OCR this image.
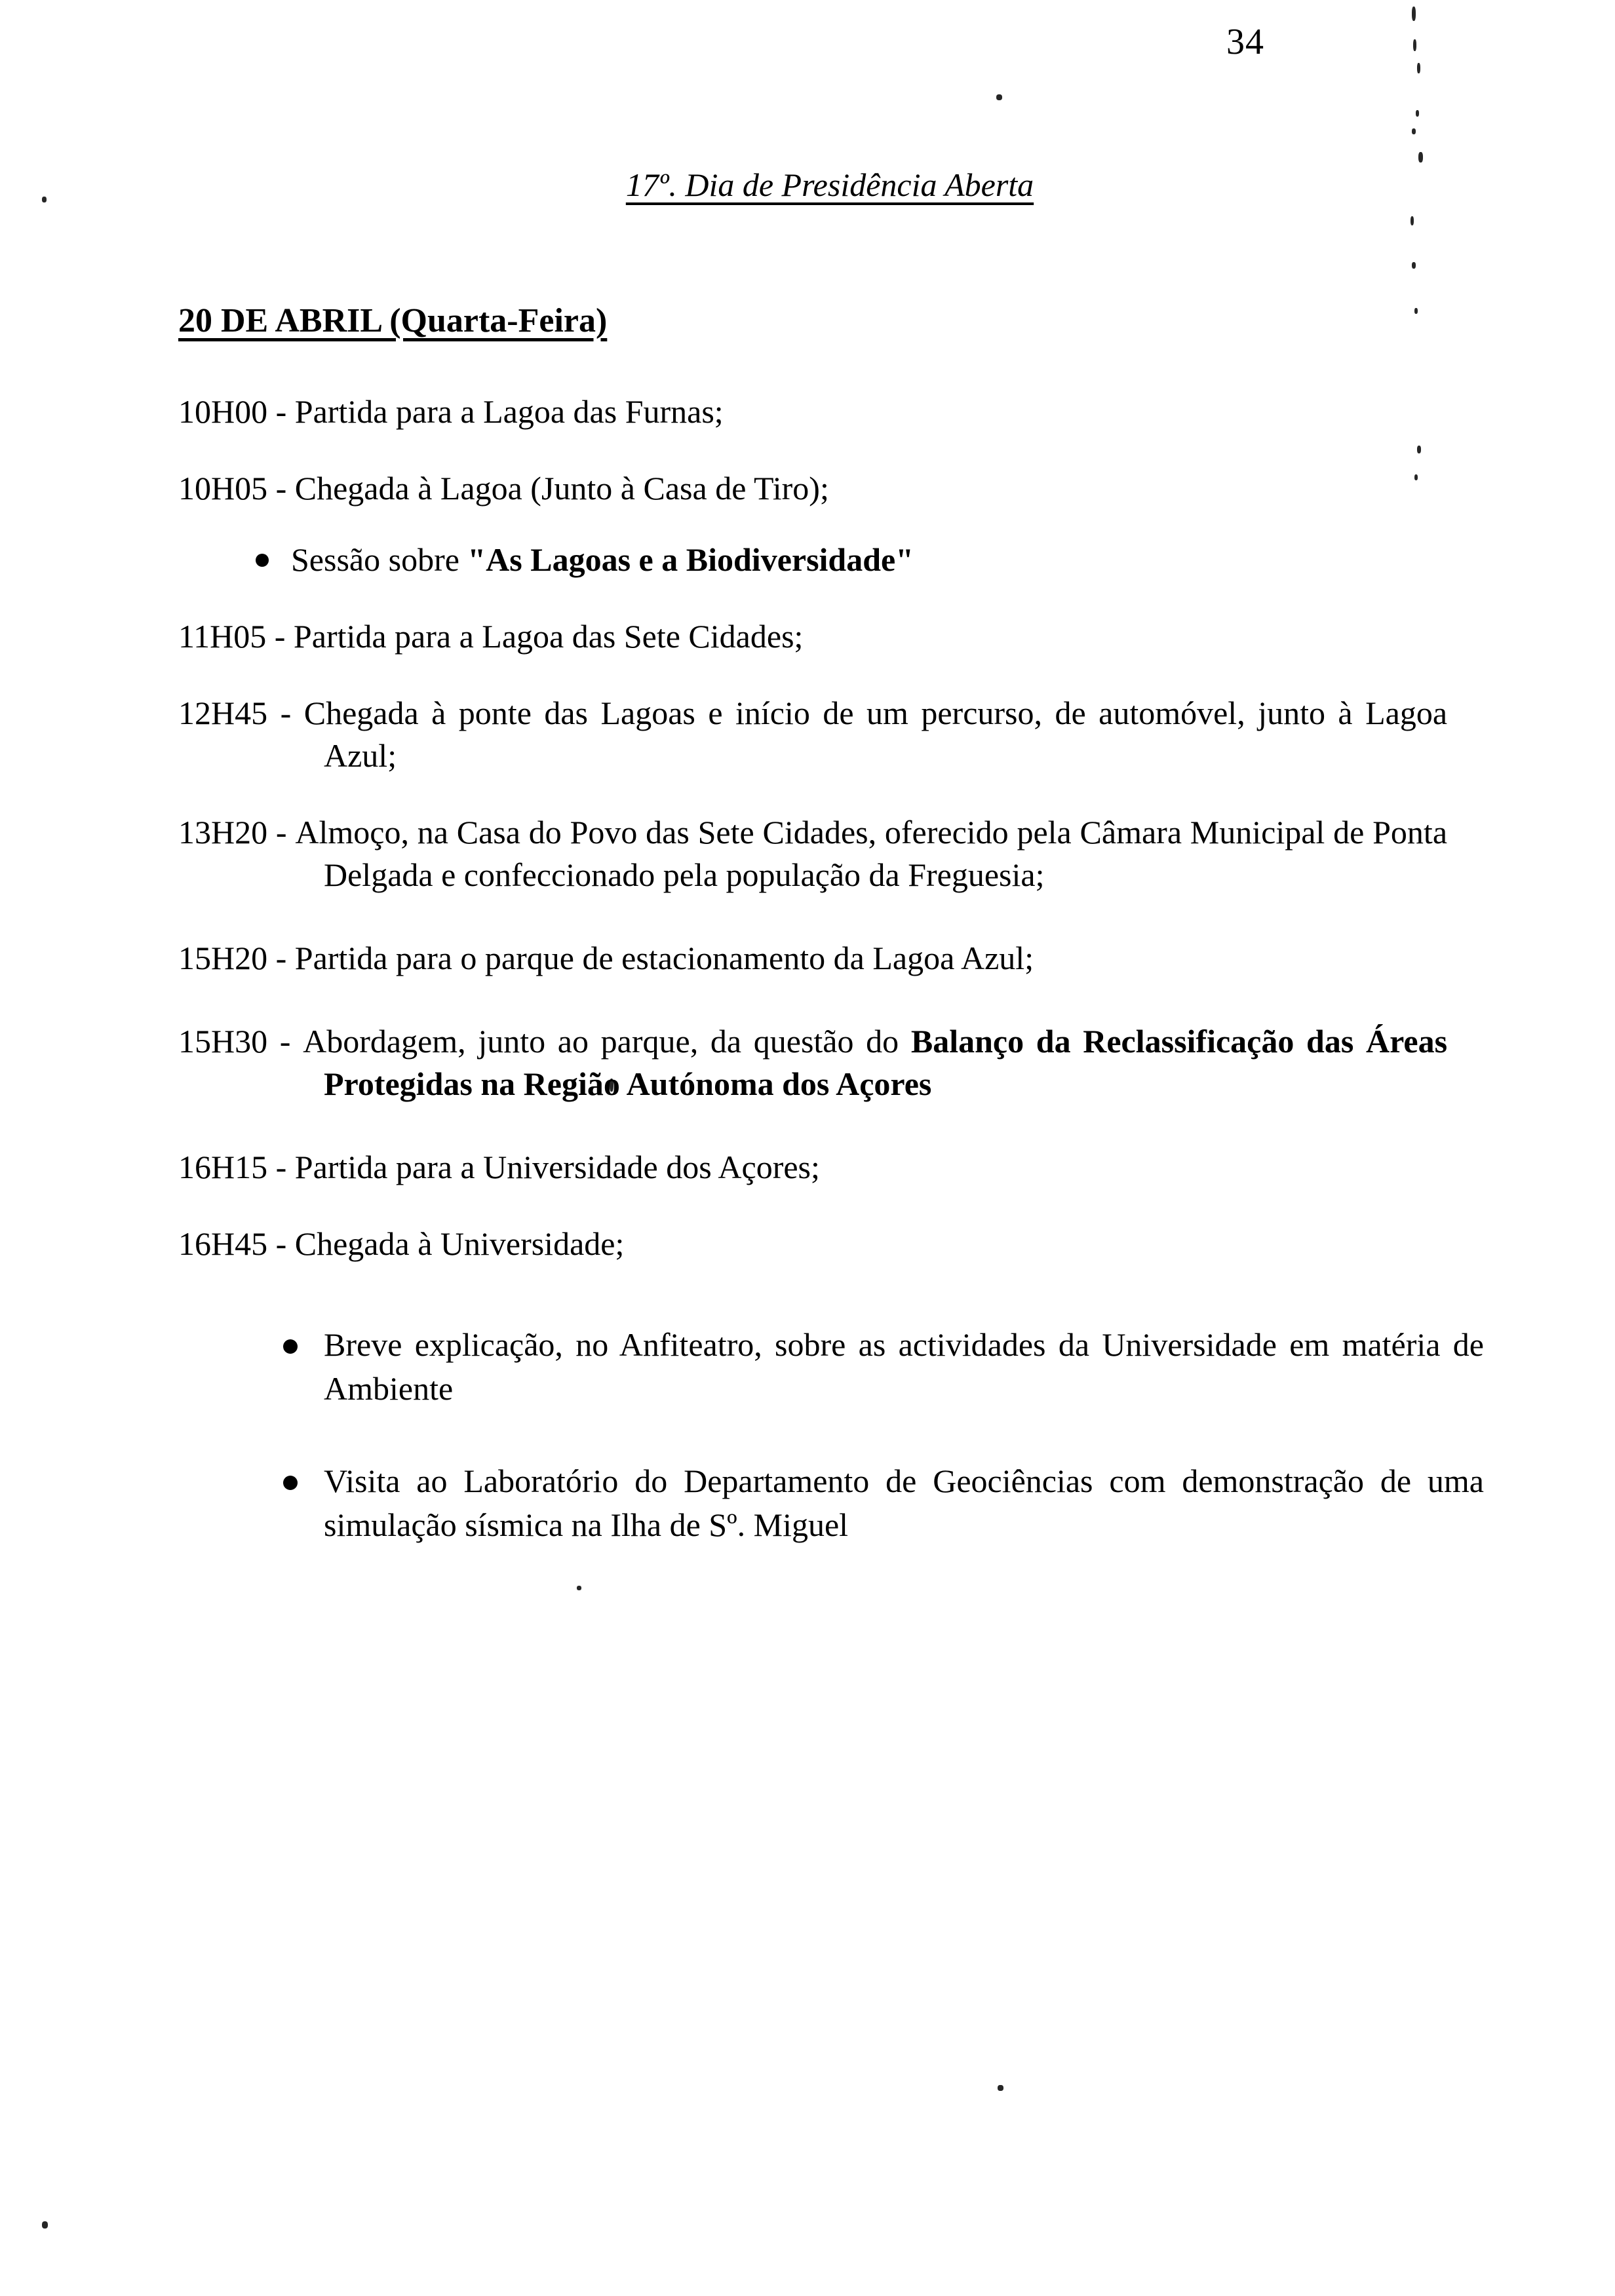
34
17º. Dia de Presidência Aberta
20 DE ABRIL (Quarta-Feira)
10H00 - Partida para a Lagoa das Furnas;
10H05 - Chegada à Lagoa (Junto à Casa de Tiro);
Sessão sobre "As Lagoas e a Biodiversidade"
11H05 - Partida para a Lagoa das Sete Cidades;
12H45 - Chegada à ponte das Lagoas e início de um percurso, de automóvel, junto à Lagoa Azul;
13H20 - Almoço, na Casa do Povo das Sete Cidades, oferecido pela Câmara Municipal de Ponta Delgada e confeccionado pela população da Freguesia;
15H20 - Partida para o parque de estacionamento da Lagoa Azul;
15H30 - Abordagem, junto ao parque, da questão do Balanço da Reclassificação das Áreas Protegidas na Região Autónoma dos Açores
16H15 - Partida para a Universidade dos Açores;
16H45 - Chegada à Universidade;
Breve explicação, no Anfiteatro, sobre as actividades da Universidade em matéria de Ambiente
Visita ao Laboratório do Departamento de Geociências com demonstração de uma simulação sísmica na Ilha de Sº. Miguel
